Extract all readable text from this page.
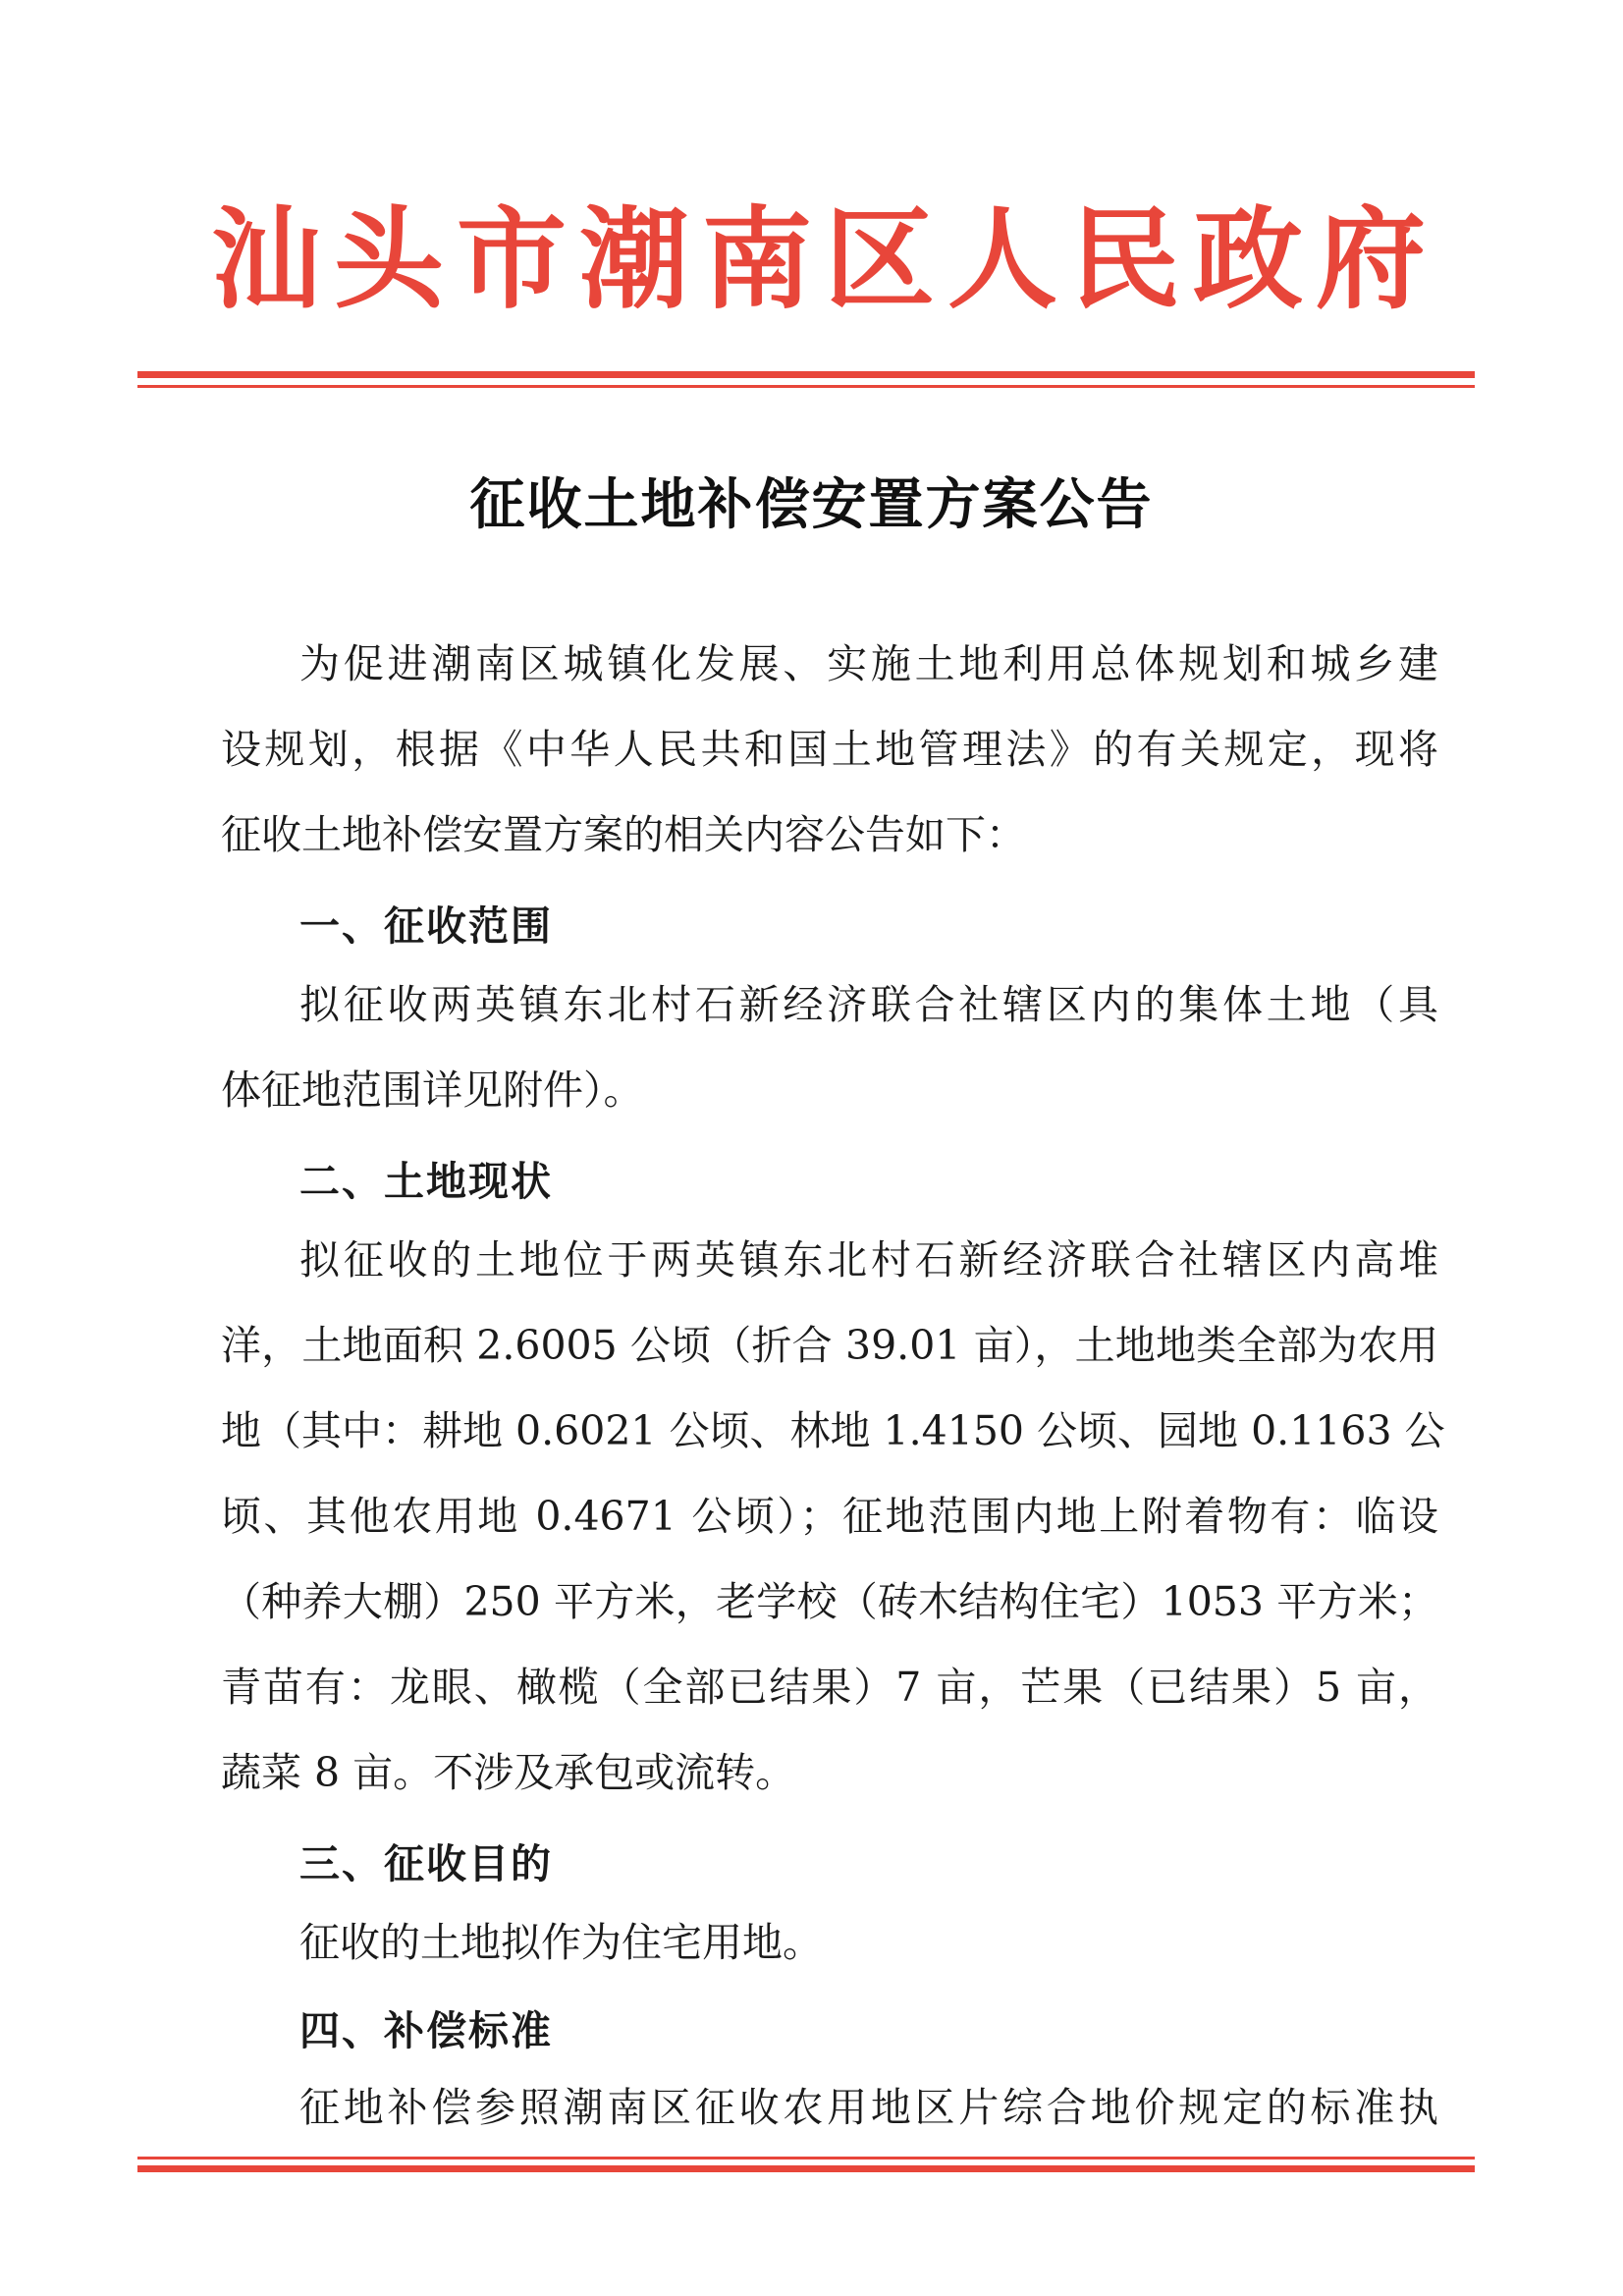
汕头市潮南区人民政府
征收土地补偿安置方案公告
为促进潮南区城镇化发展、实施土地利用总体规划和城乡建
设规划，根据《中华人民共和国土地管理法》的有关规定，现将
征收土地补偿安置方案的相关内容公告如下：
一、征收范围
拟征收两英镇东北村石新经济联合社辖区内的集体土地（具
体征地范围详见附件）。
二、土地现状
拟征收的土地位于两英镇东北村石新经济联合社辖区内高堆
洋，土地面积 2.6005 公顷（折合 39.01 亩），土地地类全部为农用
地（其中：耕地 0.6021 公顷、林地 1.4150 公顷、园地 0.1163 公
顷、其他农用地 0.4671 公顷）；征地范围内地上附着物有：临设
（种养大棚）250 平方米，老学校（砖木结构住宅）1053 平方米；
青苗有：龙眼、橄榄（全部已结果）7 亩，芒果（已结果）5 亩，
蔬菜 8 亩。不涉及承包或流转。
三、征收目的
征收的土地拟作为住宅用地。
四、补偿标准
征地补偿参照潮南区征收农用地区片综合地价规定的标准执
